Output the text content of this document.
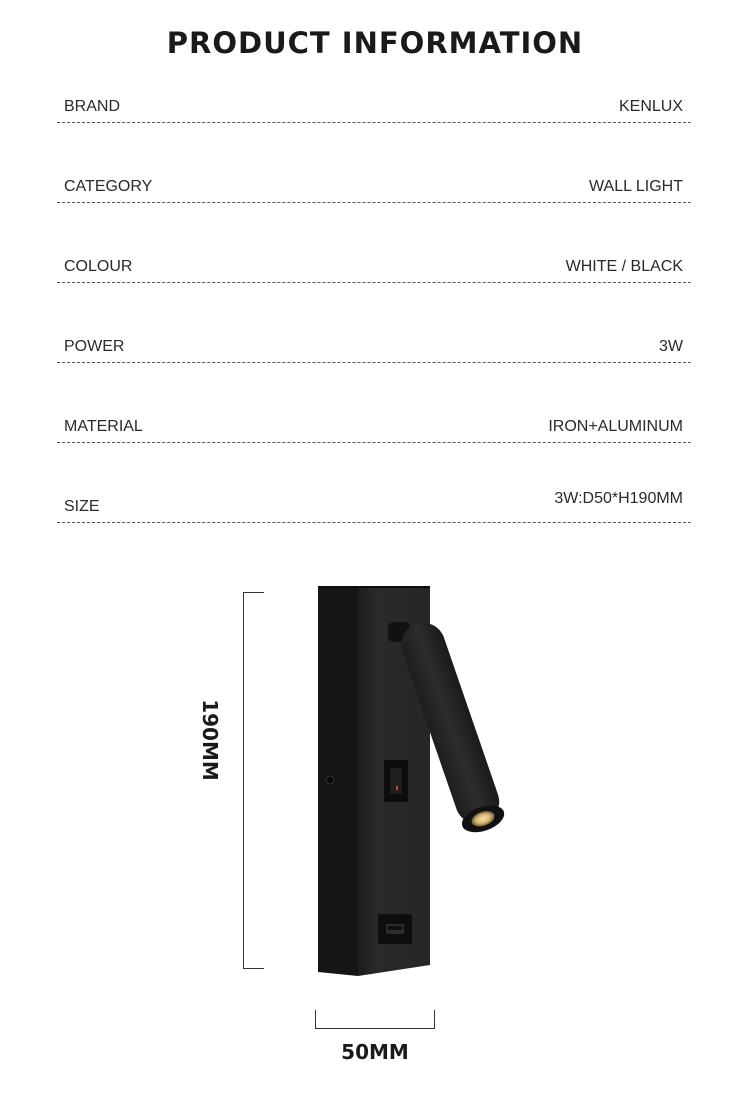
PRODUCT INFORMATION
BRAND	KENLUX
CATEGORY	WALL LIGHT
COLOUR	WHITE / BLACK
POWER	3W
MATERIAL	IRON+ALUMINUM
SIZE	3W:D50*H190MM
190MM
50MM
